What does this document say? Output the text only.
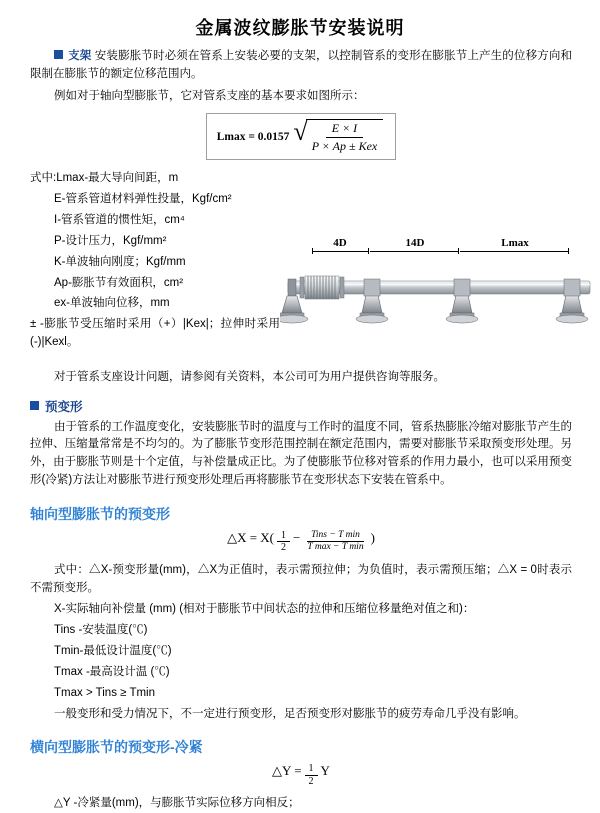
金属波纹膨胀节安装说明

支架 安装膨胀节时必须在管系上安装必要的支架，以控制管系的变形在膨胀节上产生的位移方向和限制在膨胀节的额定位移范围内。

例如对于轴向型膨胀节，它对管系支座的基本要求如图所示：

Lmax = 0.0157 √
$\frac{E \times I}{\text{P × Ap ± Kex}}$

式中:Lmax-最大导向间距，m

E-管系管道材料弹性投量，Kgf/cm²

I-管系管道的惯性矩，cm⁴

P-设计压力，Kgf/mm²

K-单波轴向刚度；Kgf/mm

Ap-膨胀节有效面积，cm²

ex-单波轴向位移，mm

± -膨胀节受压缩时采用（+）|Kex|；拉伸时采用(-)|Kexl。

4D	14D	Lmax

对于管系支座设计问题，请参阅有关资料，本公司可为用户提供咨询等服务。

预变形

由于管系的工作温度变化，安装膨胀节时的温度与工作时的温度不同，管系热膨胀冷缩对膨胀节产生的拉伸、压缩量常常是不均匀的。为了膨胀节变形范围控制在额定范围内，需要对膨胀节采取预变形处理。另外，由于膨胀节则是十个定值，与补偿量成正比。为了使膨胀节位移对管系的作用力最小，也可以采用预变形(冷紧)方法让对膨胀节进行预变形处理后再将膨胀节在变形状态下安装在管系中。

轴向型膨胀节的预变形
△X = $X( \frac{1}{2} - \frac{\text{Tins − T min}}{\text{T max − T min}}$ )

式中：△X-预变形量(mm)，△X为正值时，表示需预拉伸；为负值时，表示需预压缩；△X = 0时表示不需预变形。

X-实际轴向补偿量 (mm) (相对于膨胀节中间状态的拉伸和压缩位移量绝对值之和)：

Tins -安装温度(℃)

Tmin-最低设计温度(℃)

Tmax -最高设计温 (℃)

Tmax > Tins ≥ Tmin

一般变形和受力情况下，不一定进行预变形，足否预变形对膨胀节的疲劳寿命几乎没有影响。

横向型膨胀节的预变形-冷紧
△Y = $\frac{1}{2}$ Y

△Y -冷紧量(mm)，与膨胀节实际位移方向相反；
